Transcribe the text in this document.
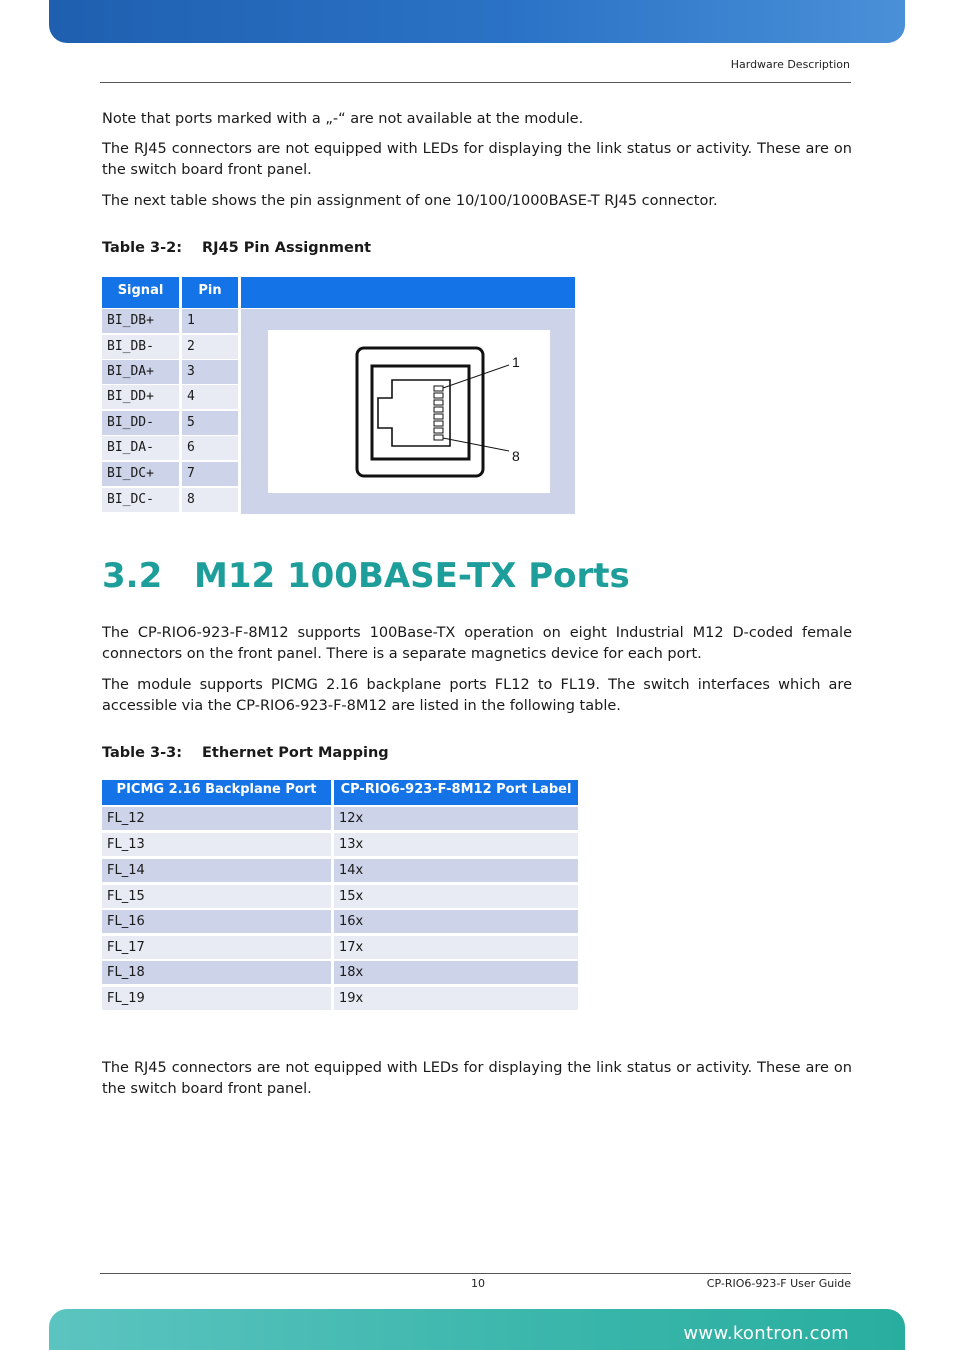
Hardware Description

Note that ports marked with a „-“ are not available at the module.

The RJ45 connectors are not equipped with LEDs for displaying the link status or activity. These are on the switch board front panel.

The next table shows the pin assignment of one 10/100/1000BASE-T RJ45 connector.

Table 3-2: RJ45 Pin Assignment
Signal	Pin
BI_DB+	1
BI_DB-	2
BI_DA+	3
BI_DD+	4
BI_DD-	5
BI_DA-	6
BI_DC+	7
BI_DC-	8
1
8
3.2 M12 100BASE-TX Ports

The CP-RIO6-923-F-8M12 supports 100Base-TX operation on eight Industrial M12 D-coded female connectors on the front panel. There is a separate magnetics device for each port.

The module supports PICMG 2.16 backplane ports FL12 to FL19. The switch interfaces which are accessible via the CP-RIO6-923-F-8M12 are listed in the following table.

Table 3-3: Ethernet Port Mapping
PICMG 2.16 Backplane Port	CP-RIO6-923-F-8M12 Port Label
FL_12	12x
FL_13	13x
FL_14	14x
FL_15	15x
FL_16	16x
FL_17	17x
FL_18	18x
FL_19	19x

The RJ45 connectors are not equipped with LEDs for displaying the link status or activity. These are on the switch board front panel.

10	CP-RIO6-923-F User Guide
www.kontron.com
